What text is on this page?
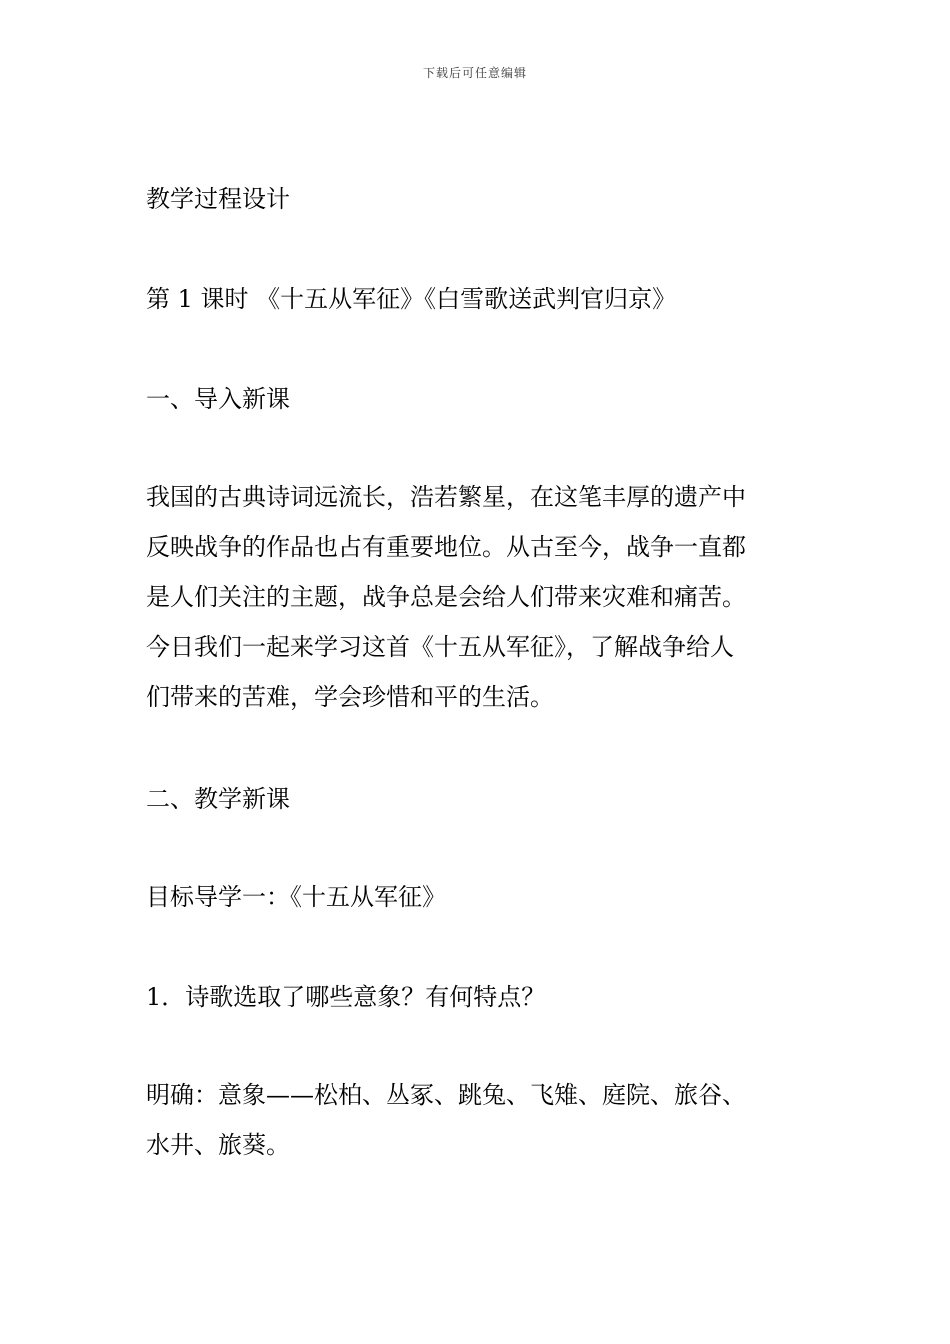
下载后可任意编辑
教学过程设计
第 1 课时 《十五从军征》《白雪歌送武判官归京》
一、导入新课
我国的古典诗词远流长，浩若繁星，在这笔丰厚的遗产中
反映战争的作品也占有重要地位。从古至今，战争一直都
是人们关注的主题，战争总是会给人们带来灾难和痛苦。
今日我们一起来学习这首《十五从军征》，了解战争给人
们带来的苦难，学会珍惜和平的生活。
二、教学新课
目标导学一：《十五从军征》
1．诗歌选取了哪些意象？有何特点？
明确：意象——松柏、丛冢、跳兔、飞雉、庭院、旅谷、
水井、旅葵。
